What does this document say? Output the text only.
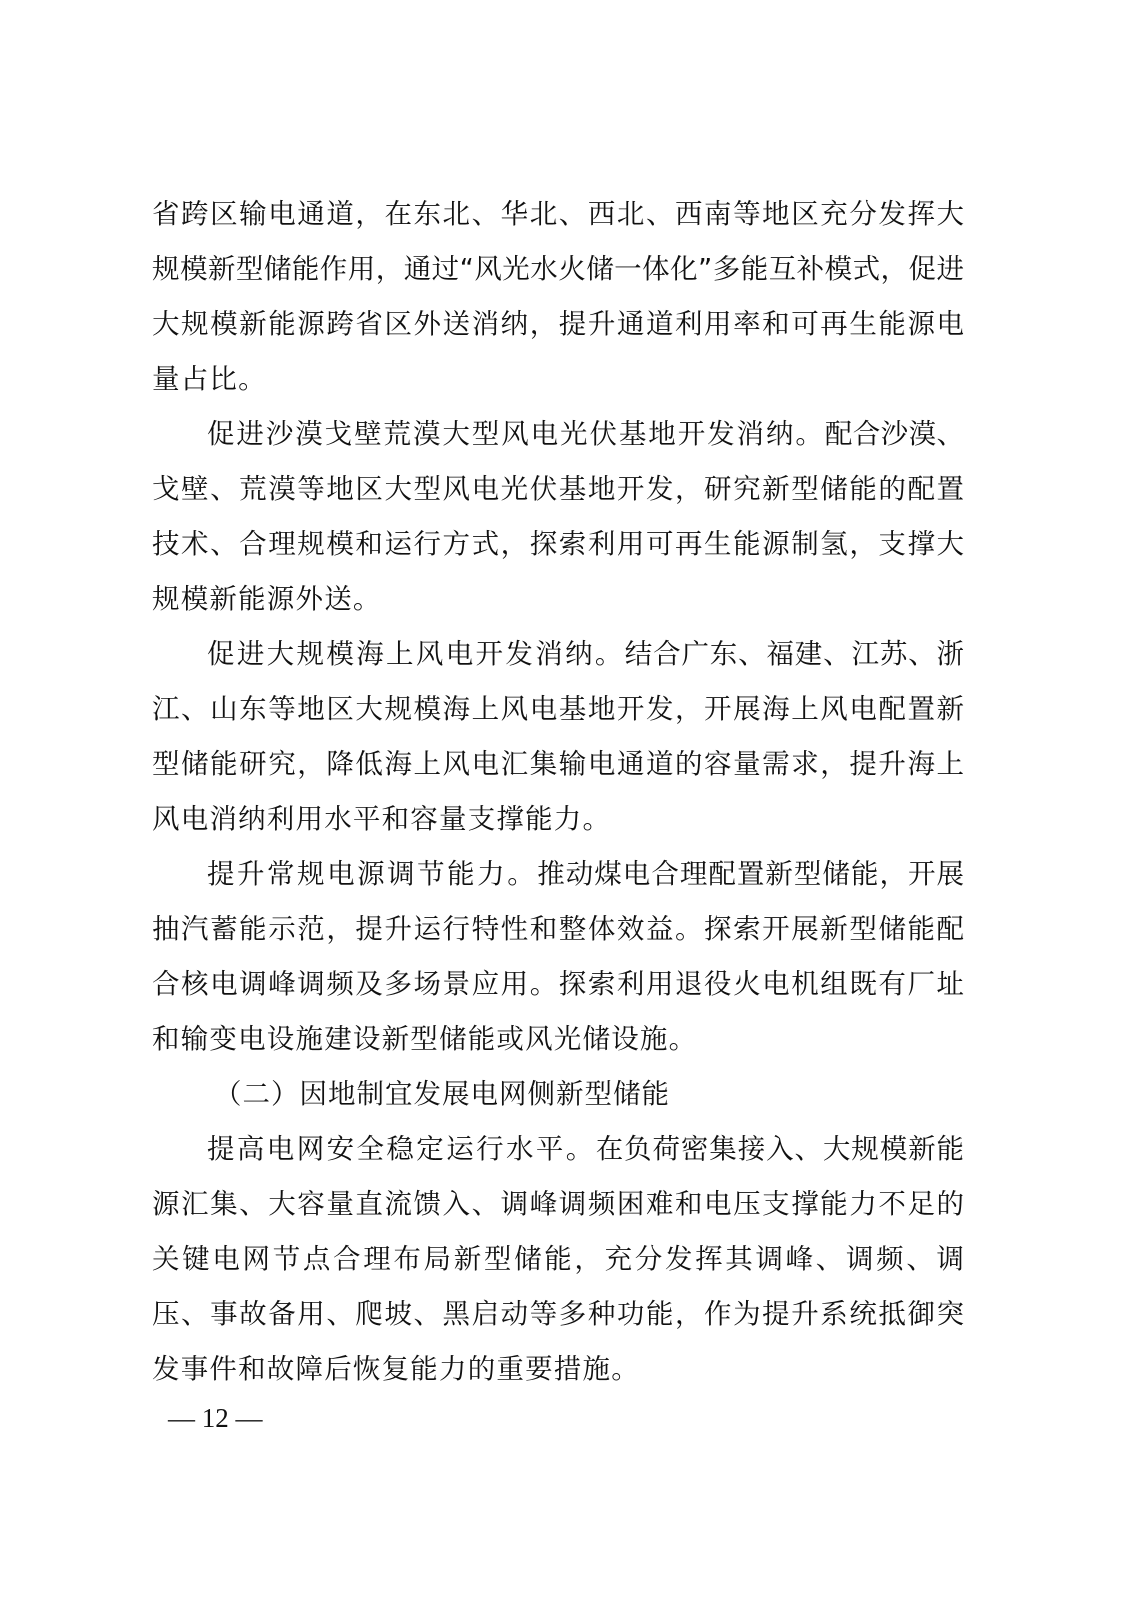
省跨区输电通道，在东北、华北、西北、西南等地区充分发挥大
规模新型储能作用，通过“风光水火储一体化”多能互补模式，促进
大规模新能源跨省区外送消纳，提升通道利用率和可再生能源电
量占比。
促进沙漠戈壁荒漠大型风电光伏基地开发消纳。配合沙漠、
戈壁、荒漠等地区大型风电光伏基地开发，研究新型储能的配置
技术、合理规模和运行方式，探索利用可再生能源制氢，支撑大
规模新能源外送。
促进大规模海上风电开发消纳。结合广东、福建、江苏、浙
江、山东等地区大规模海上风电基地开发，开展海上风电配置新
型储能研究，降低海上风电汇集输电通道的容量需求，提升海上
风电消纳利用水平和容量支撑能力。
提升常规电源调节能力。推动煤电合理配置新型储能，开展
抽汽蓄能示范，提升运行特性和整体效益。探索开展新型储能配
合核电调峰调频及多场景应用。探索利用退役火电机组既有厂址
和输变电设施建设新型储能或风光储设施。
（二）因地制宜发展电网侧新型储能
提高电网安全稳定运行水平。在负荷密集接入、大规模新能
源汇集、大容量直流馈入、调峰调频困难和电压支撑能力不足的
关键电网节点合理布局新型储能，充分发挥其调峰、调频、调
压、事故备用、爬坡、黑启动等多种功能，作为提升系统抵御突
发事件和故障后恢复能力的重要措施。
— 12 —
